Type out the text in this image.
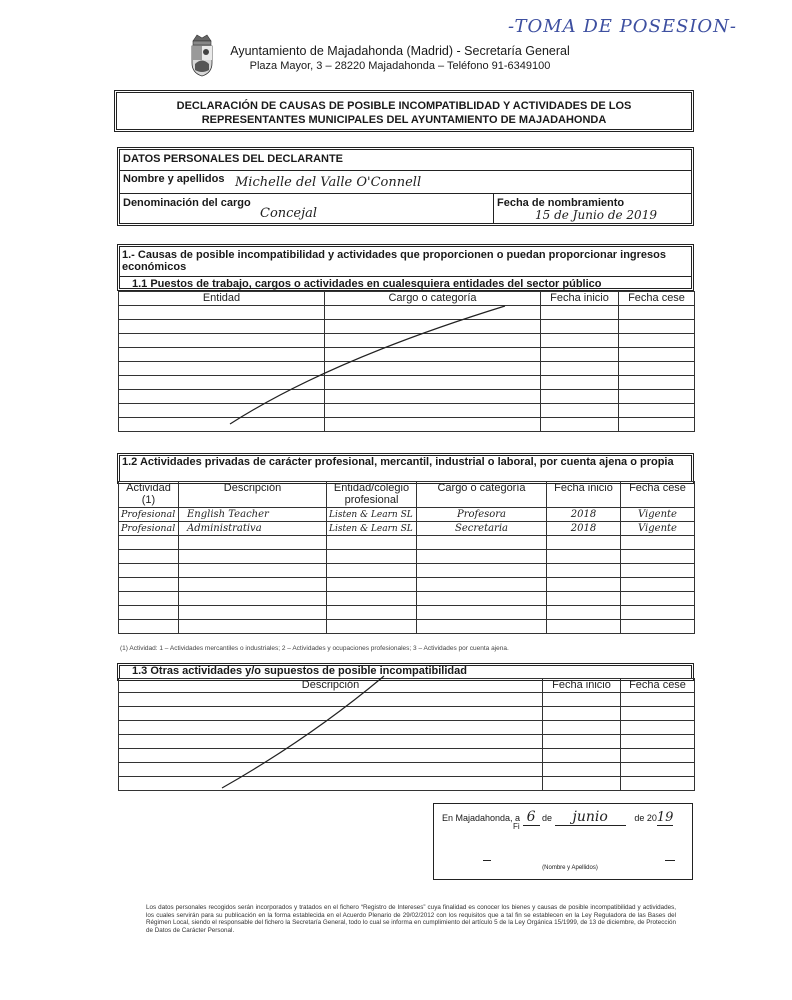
-TOMA DE POSESION-
Ayuntamiento de Majadahonda (Madrid) - Secretaría General
Plaza Mayor, 3 – 28220 Majadahonda – Teléfono 91-6349100
DECLARACIÓN DE CAUSAS DE POSIBLE INCOMPATIBLIDAD Y ACTIVIDADES DE LOS
REPRESENTANTES MUNICIPALES DEL AYUNTAMIENTO DE MAJADAHONDA
DATOS PERSONALES DEL DECLARANTE
Nombre y apellidos Michelle del Valle O'Connell
Denominación del cargo
Concejal
Fecha de nombramiento
15 de Junio de 2019
1.- Causas de posible incompatibilidad y actividades que proporcionen o puedan proporcionar ingresos económicos
1.1 Puestos de trabajo, cargos o actividades en cualesquiera entidades del sector público
Entidad	Cargo o categoría	Fecha inicio	Fecha cese

1.2 Actividades privadas de carácter profesional, mercantil, industrial o laboral, por cuenta ajena o propia
Actividad (1)	Descripción	Entidad/colegio profesional	Cargo o categoría	Fecha inicio	Fecha cese
Profesional	English Teacher	Listen & Learn SL	Profesora	2018	Vigente
Profesional	Administrativa	Listen & Learn SL	Secretaria	2018	Vigente

(1) Actividad: 1 – Actividades mercantiles o industriales; 2 – Actividades y ocupaciones profesionales; 3 – Actividades por cuenta ajena.
1.3 Otras actividades y/o supuestos de posible incompatibilidad
Descripción	Fecha inicio	Fecha cese

En Majadahonda, a 6 de junio	de 2019
Fi
(Nombre y Apellidos)
Los datos personales recogidos serán incorporados y tratados en el fichero “Registro de Intereses” cuya finalidad es conocer los bienes y causas de posible incompatibilidad y actividades, los cuales servirán para su publicación en la forma establecida en el Acuerdo Plenario de 29/02/2012 con los requisitos que a tal fin se establecen en la Ley Reguladora de las Bases del Régimen Local, siendo el responsable del fichero la Secretaría General, todo lo cual se informa en cumplimiento del artículo 5 de la Ley Orgánica 15/1999, de 13 de diciembre, de Protección de Datos de Carácter Personal.
